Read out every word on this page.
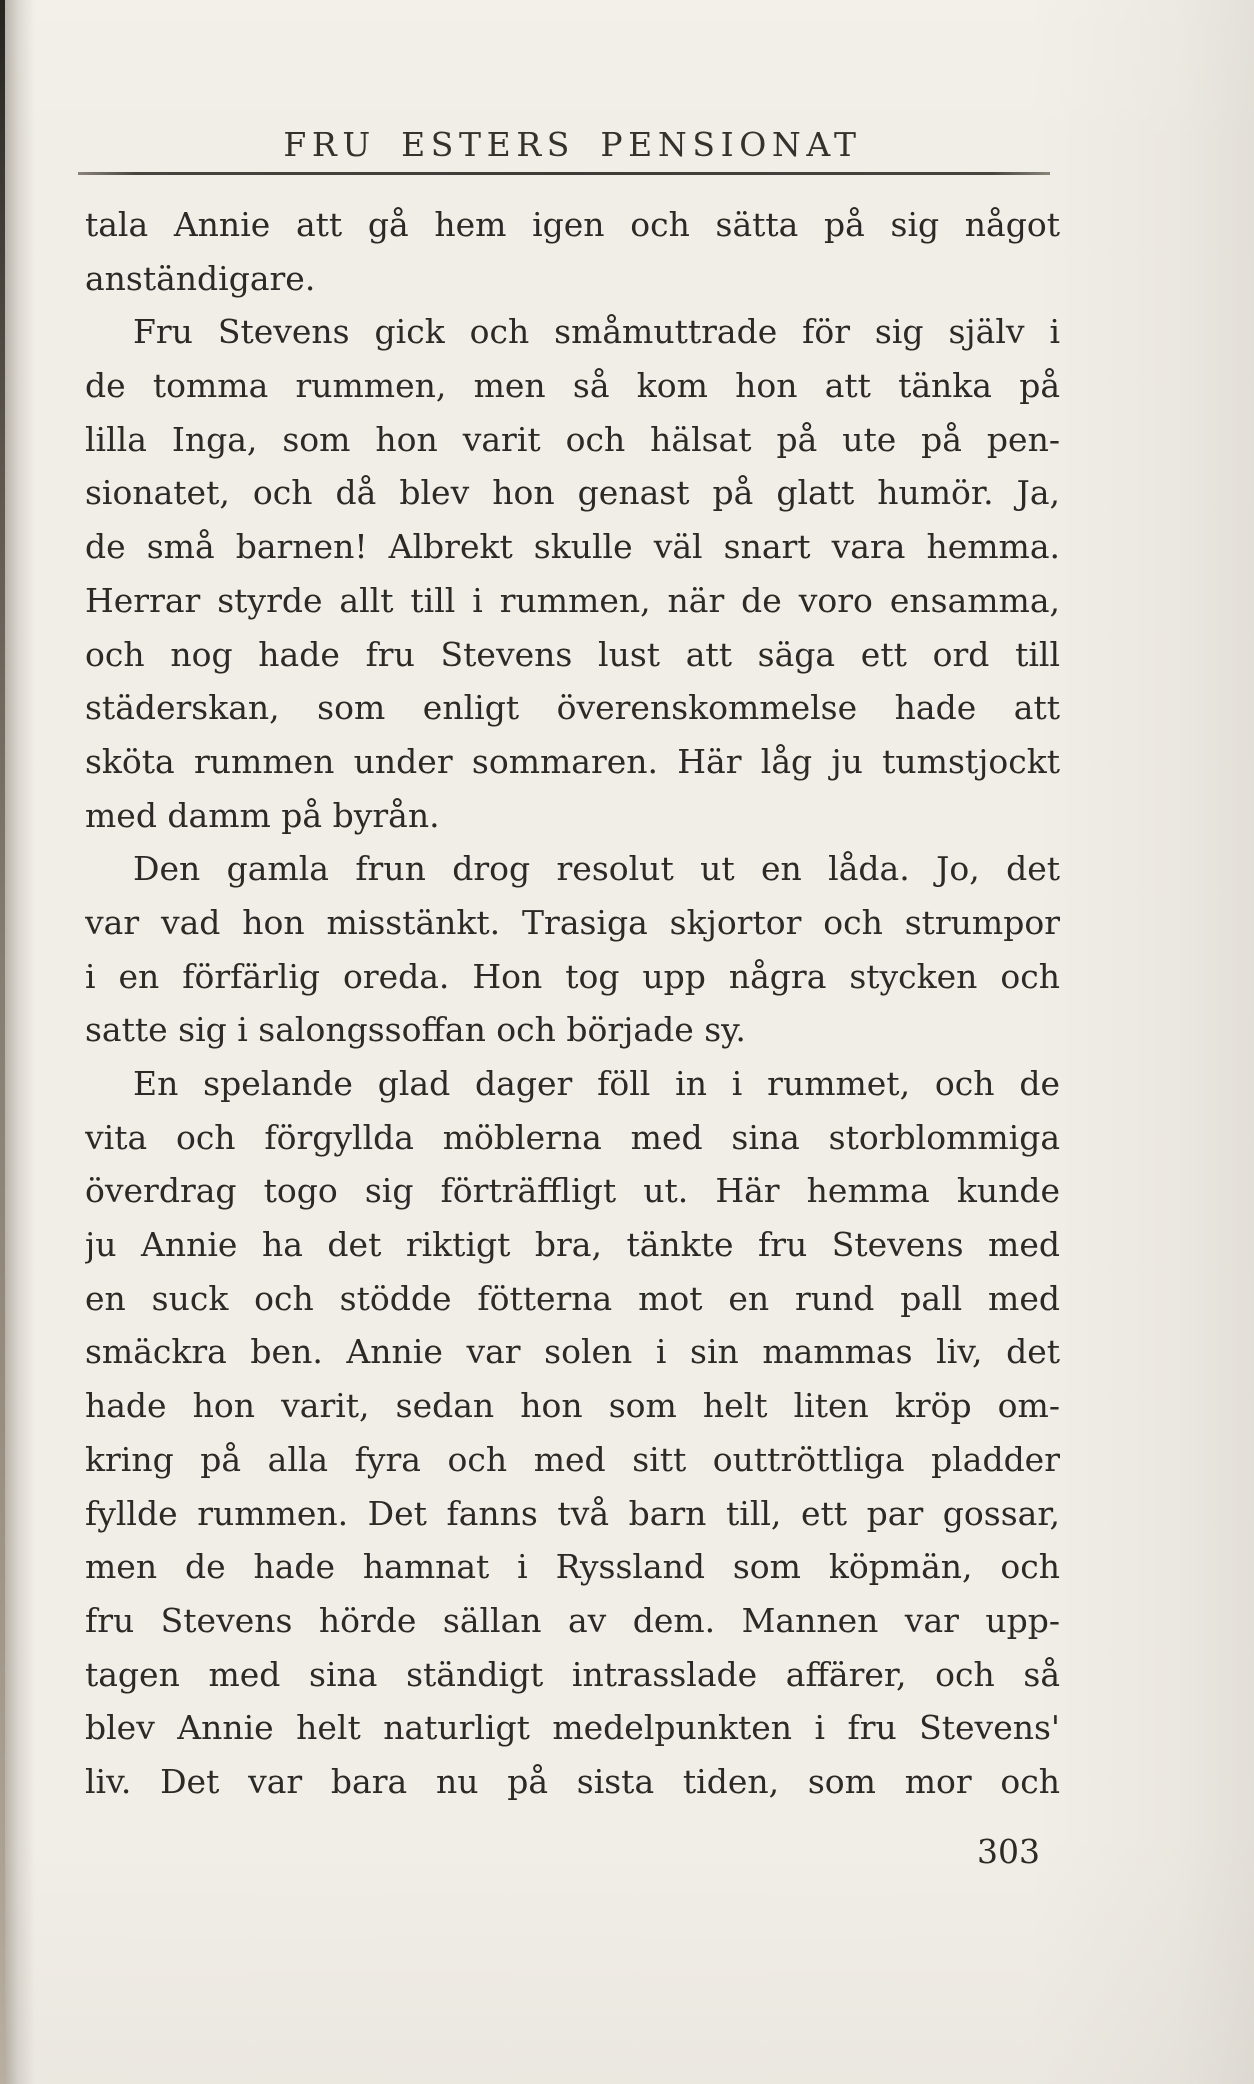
FRU ESTERS PENSIONAT
tala Annie att gå hem igen och sätta på sig något
anständigare.
Fru Stevens gick och småmuttrade för sig själv i
de tomma rummen, men så kom hon att tänka på
lilla Inga, som hon varit och hälsat på ute på pen-
sionatet, och då blev hon genast på glatt humör. Ja,
de små barnen! Albrekt skulle väl snart vara hemma.
Herrar styrde allt till i rummen, när de voro ensamma,
och nog hade fru Stevens lust att säga ett ord till
städerskan, som enligt överenskommelse hade att
sköta rummen under sommaren. Här låg ju tumstjockt
med damm på byrån.
Den gamla frun drog resolut ut en låda. Jo, det
var vad hon misstänkt. Trasiga skjortor och strumpor
i en förfärlig oreda. Hon tog upp några stycken och
satte sig i salongssoffan och började sy.
En spelande glad dager föll in i rummet, och de
vita och förgyllda möblerna med sina storblommiga
överdrag togo sig förträffligt ut. Här hemma kunde
ju Annie ha det riktigt bra, tänkte fru Stevens med
en suck och stödde fötterna mot en rund pall med
smäckra ben. Annie var solen i sin mammas liv, det
hade hon varit, sedan hon som helt liten kröp om-
kring på alla fyra och med sitt outtröttliga pladder
fyllde rummen. Det fanns två barn till, ett par gossar,
men de hade hamnat i Ryssland som köpmän, och
fru Stevens hörde sällan av dem. Mannen var upp-
tagen med sina ständigt intrasslade affärer, och så
blev Annie helt naturligt medelpunkten i fru Stevens'
liv. Det var bara nu på sista tiden, som mor och
303
